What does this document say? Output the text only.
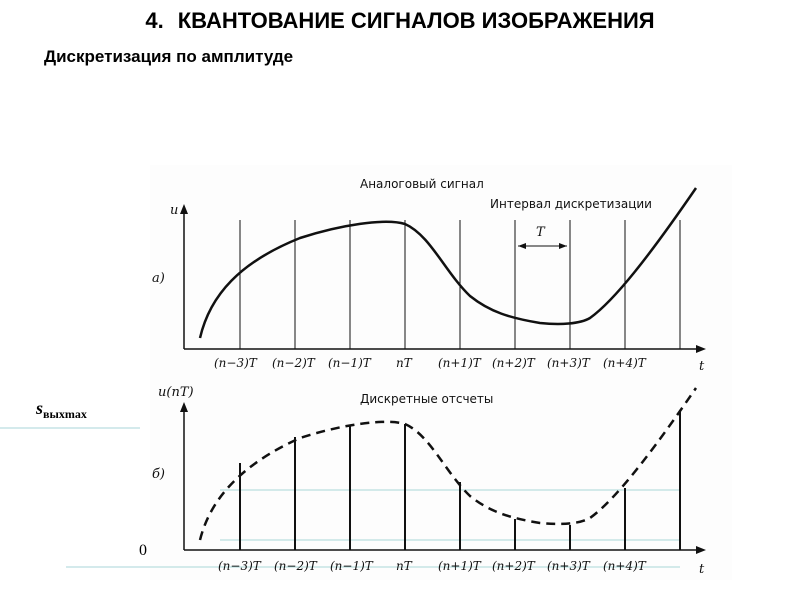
4. КВАНТОВАНИЕ СИГНАЛОВ ИЗОБРАЖЕНИЯ
Дискретизация по амплитуде
$s_{выхmax}$
0
Аналоговый сигнал
Интервал дискретизации
T
u
t
а)
(n−3)T (n−2)T (n−1)T nT (n+1)T (n+2)T (n+3)T (n+4)T
Дискретные отсчеты
u(nT)
t
б)
(n−3)T (n−2)T (n−1)T nT (n+1)T (n+2)T (n+3)T (n+4)T
